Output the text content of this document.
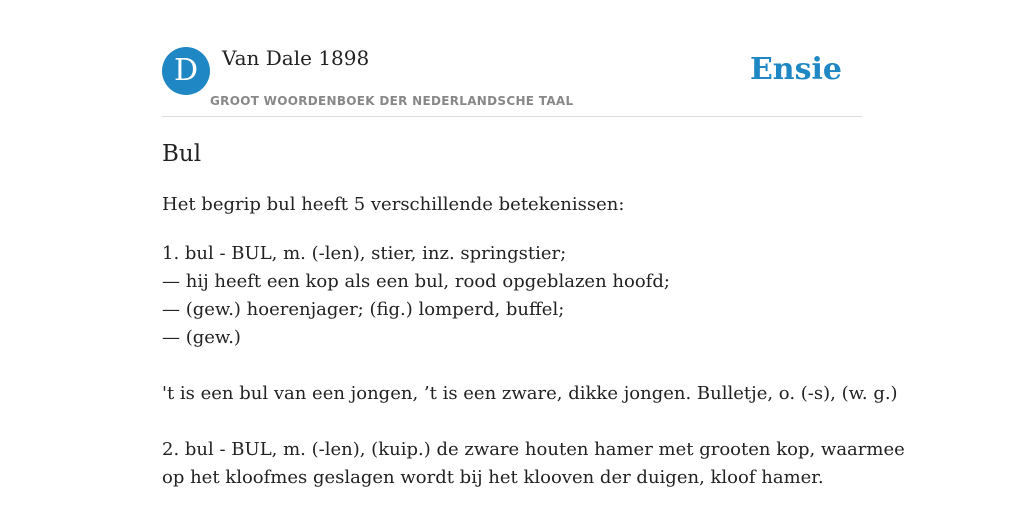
D	Van Dale 1898
GROOT WOORDENBOEK DER NEDERLANDSCHE TAAL
Ensie
Bul

Het begrip bul heeft 5 verschillende betekenissen:

1. bul - BUL, m. (-len), stier, inz. springstier;
— hij heeft een kop als een bul, rood opgeblazen hoofd;
— (gew.) hoerenjager; (fig.) lomperd, buffel;
— (gew.)
't is een bul van een jongen, ’t is een zware, dikke jongen. Bulletje, o. (-s), (w. g.)
2. bul - BUL, m. (-len), (kuip.) de zware houten hamer met grooten kop, waarmee
op het kloofmes geslagen wordt bij het klooven der duigen, kloof hamer.
